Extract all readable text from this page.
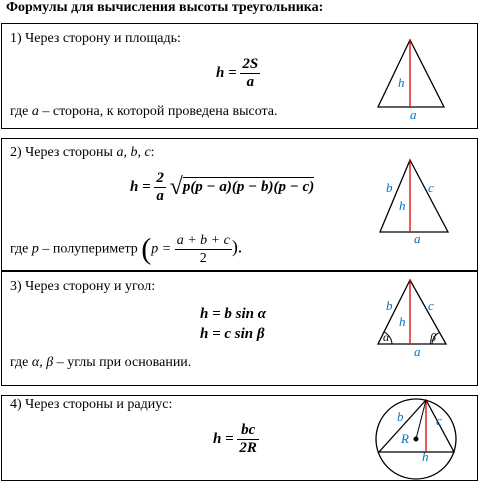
Формулы для вычисления высоты треугольника:
1) Через сторону и площадь:
$h = \frac{2S}{a}$
где a – сторона, к которой проведена высота.
h
a
2) Через стороны a, b, c:
$h = \frac{2}{a} √p(p - a)(p - b)(p - c)$
где p – полупериметр ($p = \frac{a + b + c}{2}$ ).
b	c
h
a
3) Через сторону и угол:
h = b sin α
h = c sin β
где α, β – углы при основании.
b	c
h
α	β
a
4) Через стороны и радиус:
$h = \frac{bc}{2R}$
b	c
R
h
